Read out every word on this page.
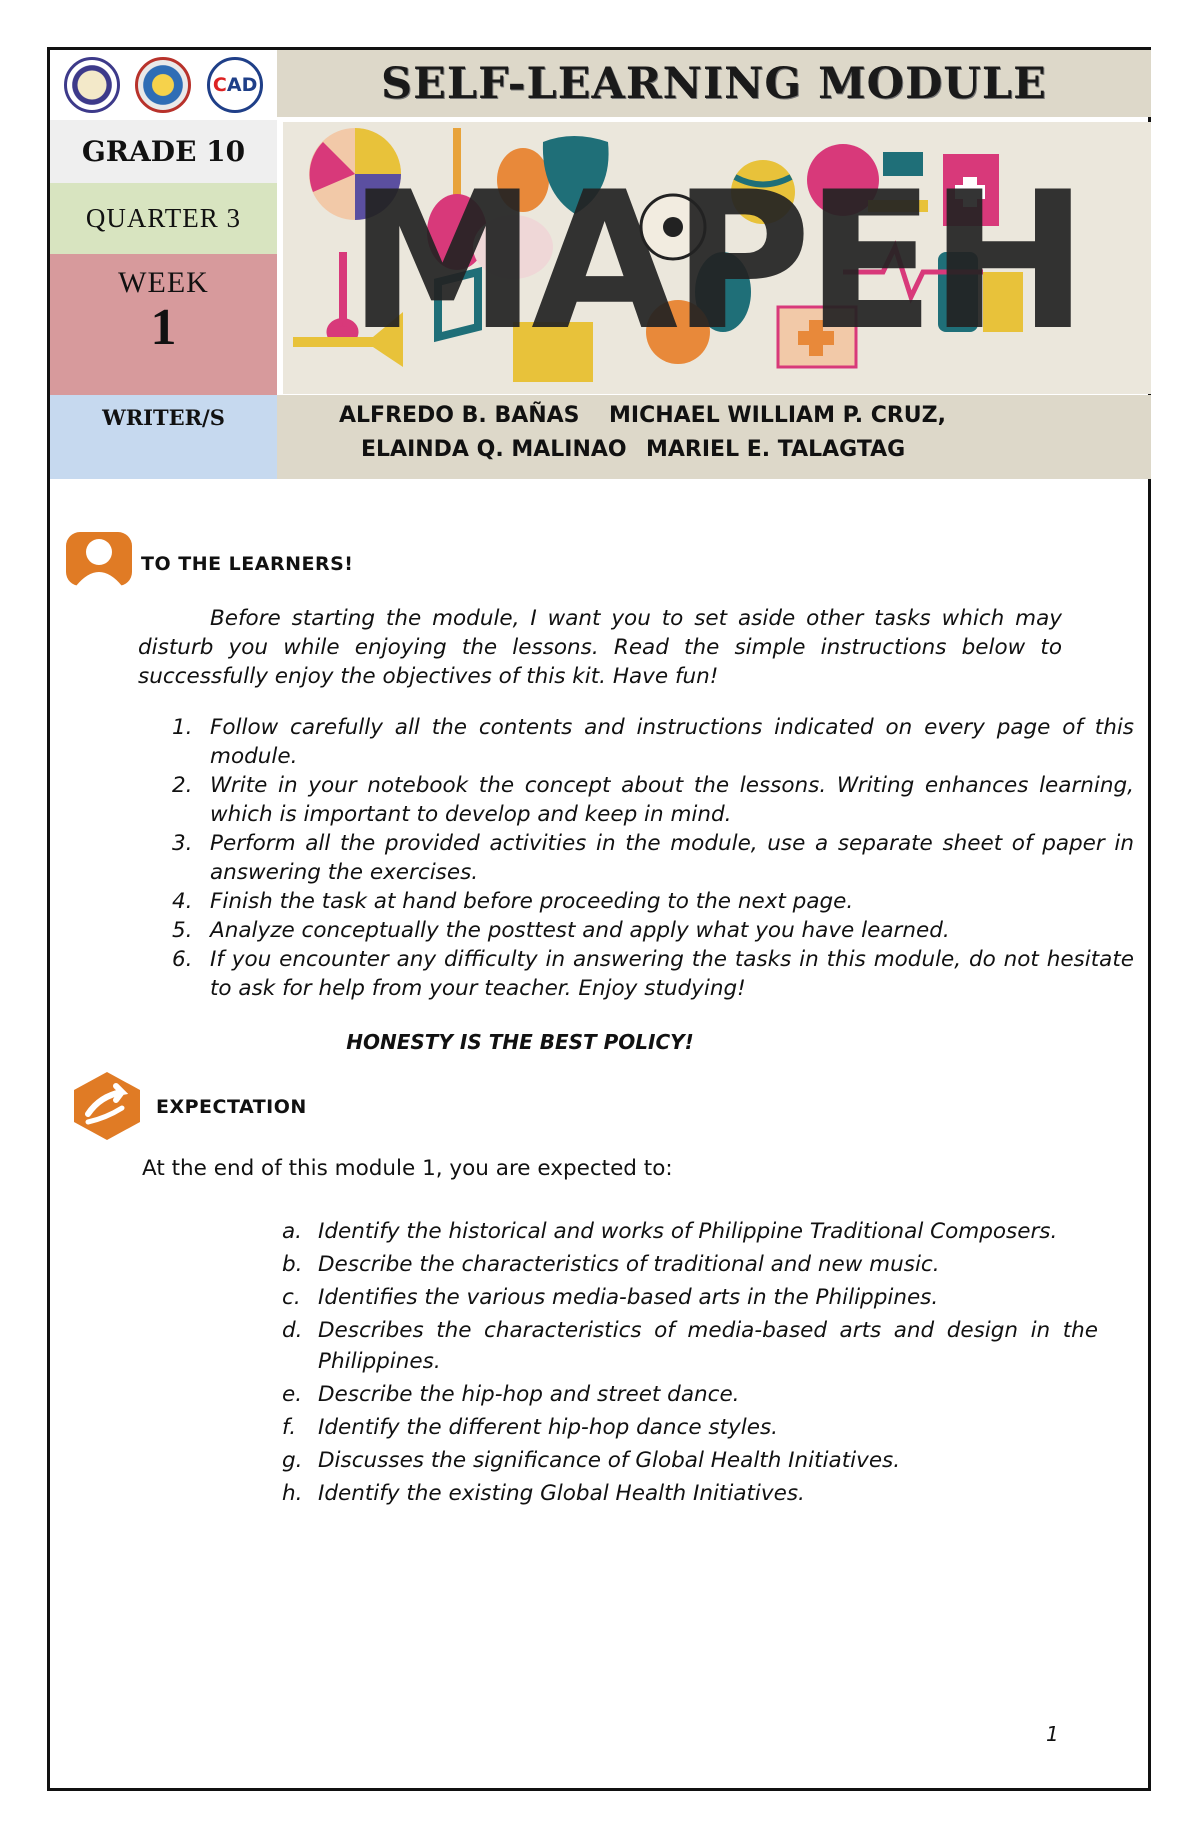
C AD	SELF-LEARNING MODULE
GRADE 10
QUARTER 3
WEEK
1 MAPEH
WRITER/S	ALFREDO B. BAÑAS MICHAEL WILLIAM P. CRUZ,
ELAINDA Q. MALINAO MARIEL E. TALAGTAG
TO THE LEARNERS!

Before starting the module, I want you to set aside other tasks which may disturb you while enjoying the lessons. Read the simple instructions below to successfully enjoy the objectives of this kit. Have fun!

1. Follow carefully all the contents and instructions indicated on every page of this module.
2. Write in your notebook the concept about the lessons. Writing enhances learning, which is important to develop and keep in mind.
3. Perform all the provided activities in the module, use a separate sheet of paper in answering the exercises.
4. Finish the task at hand before proceeding to the next page.
5. Analyze conceptually the posttest and apply what you have learned.
6. If you encounter any difficulty in answering the tasks in this module, do not hesitate to ask for help from your teacher. Enjoy studying!
HONESTY IS THE BEST POLICY!
EXPECTATION
At the end of this module 1, you are expected to:
a. Identify the historical and works of Philippine Traditional Composers.
b. Describe the characteristics of traditional and new music.
c. Identifies the various media-based arts in the Philippines.
d. Describes the characteristics of media-based arts and design in the Philippines.
e. Describe the hip-hop and street dance.
f. Identify the different hip-hop dance styles.
g. Discusses the significance of Global Health Initiatives.
h. Identify the existing Global Health Initiatives.
1
